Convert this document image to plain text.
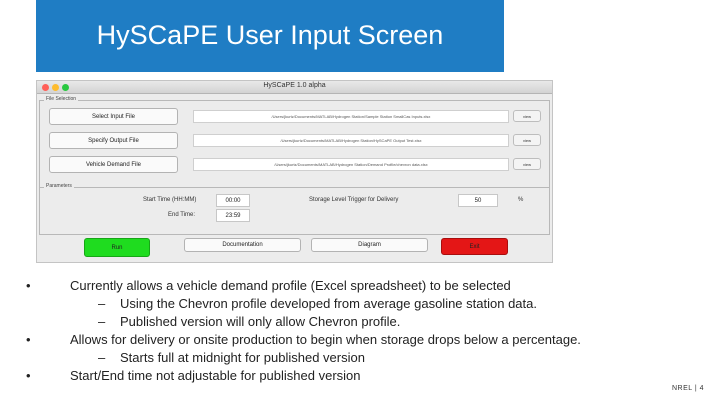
HySCaPE User Input Screen
HySCaPE 1.0 alpha
File Selection
Select Input File	/Users/jkurtz/Documents/MATLAB/Hydrogen Station/Sample Station SmallCas Inputs.xlsx	view
Specify Output File	/Users/jkurtz/Documents/MATLAB/Hydrogen Station/HySCaPE Output Test.xlsx	view
Vehicle Demand File	/Users/jkurtz/Documents/MATLAB/Hydrogen Station/Demand Profile/chevron data.xlsx	view
Parameters
Start Time (HH:MM)	00:00
End Time:	23:59
Storage Level Trigger for Delivery	50	%
Run	Documentation	Diagram	Exit
•	Currently allows a vehicle demand profile (Excel spreadsheet) to be selected
– Using the Chevron profile developed from average gasoline station data.
– Published version will only allow Chevron profile.
•	Allows for delivery or onsite production to begin when storage drops below a percentage.
– Starts full at midnight for published version
•	Start/End time not adjustable for published version
NREL | 4
